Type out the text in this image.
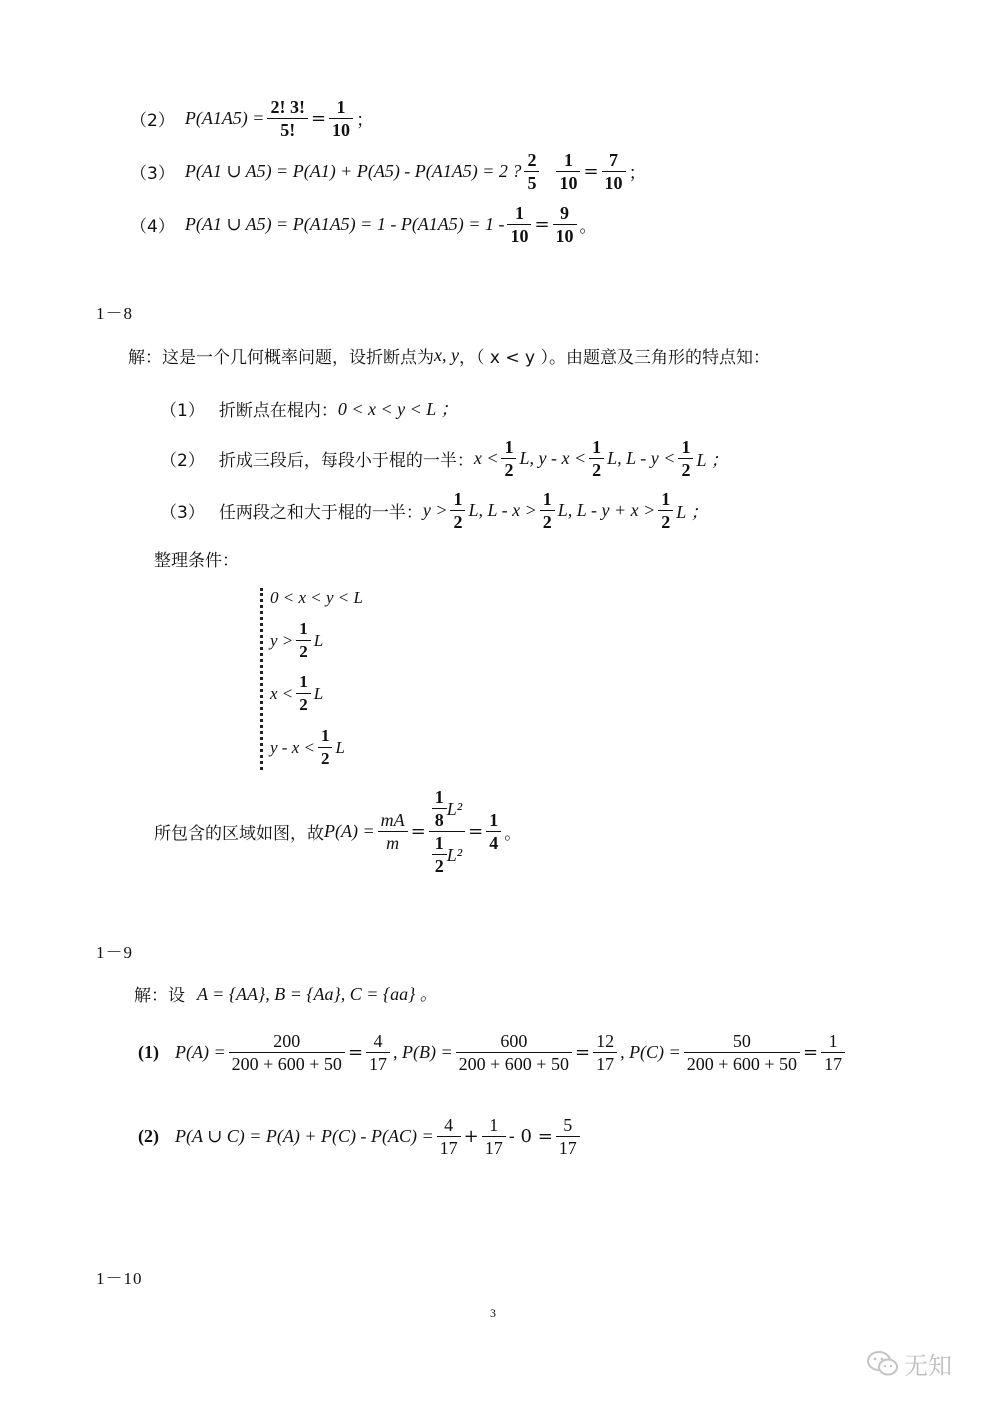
（2） $P(A1A5) = \frac{2! 3!}{5!} = \frac{1}{10}$ ；
（3） P(A1 ∪ A5) = P(A1) + P(A5) - P(A1A5) = 2 ? $\frac{2}{5} \frac{1}{10} = \frac{7}{10}$ ；
（4） P(A1 ∪ $A5) = P(A1A5) = 1 - P(A1A5) = 1 - \frac{1}{10} = \frac{9}{10}$ 。
1－8
解：这是一个几何概率问题，设折断点为 x, y ，（ x < y ）。由题意及三角形的特点知：
（1） 折断点在棍内： 0 < x < y < L ；
（2） 折成三段后，每段小于棍的一半： $x < \frac{1}{2} L$, $y - x < \frac{1}{2} L$, $L - y < \frac{1}{2}$ L ；
（3） 任两段之和大于棍的一半： $y > \frac{1}{2} L$, $L - x > \frac{1}{2} L$, $L - y + x > \frac{1}{2}$ L ；
整理条件：
0 < x < y < L
$y > \frac{1}{2}$ L
$x < \frac{1}{2}$ L
$y - x < \frac{1}{2}$ L
所包含的区域如图，故 $P(A) = \frac{mA}{m} = \frac{\frac{1}{8} L^2}{\frac{1}{2} L^2} = \frac{1}{4}$ 。
1－9
解：设 A = {AA}, B = {Aa}, C = {aa} 。
(1) $P(A) = \frac{200}{200 + 600 + 50} = \frac{4}{17}$ , $P(B) = \frac{600}{200 + 600 + 50} = \frac{12}{17}$ , $P(C) = \frac{50}{200 + 600 + 50} = \frac{1}{17}$
(2) P(A ∪ $C) = P(A) + P(C) - P(AC) = \frac{4}{17} + \frac{1}{17} - 0 = \frac{5}{17}$
1－10
3
无知
